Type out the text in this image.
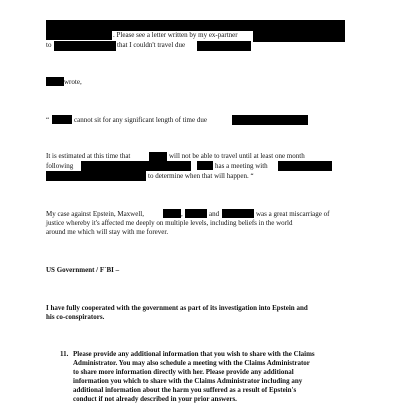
. Please see a letter written by my ex-partner
to	that I couldn't travel due
wrote,
“	cannot sit for any significant length of time due
It is estimated at this time that	will not be able to travel until at least one month
following	has a meeting with
to determine when that will happen. “
My case against Epstein, Maxwell,	,	and	was a great miscarriage of
justice whereby it's affected me deeply on multiple levels, including beliefs in the world
around me which will stay with me forever.
US Government / F`BI –
I have fully cooperated with the government as part of its investigation into Epstein and
his co-conspirators.
11. Please provide any additional information that you wish to share with the Claims
Administrator. You may also schedule a meeting with the Claims Administrator
to share more information directly with her. Please provide any additional
information you which to share with the Claims Administrator including any
additional information about the harm you suffered as a result of Epstein's
conduct if not already described in your prior answers.
